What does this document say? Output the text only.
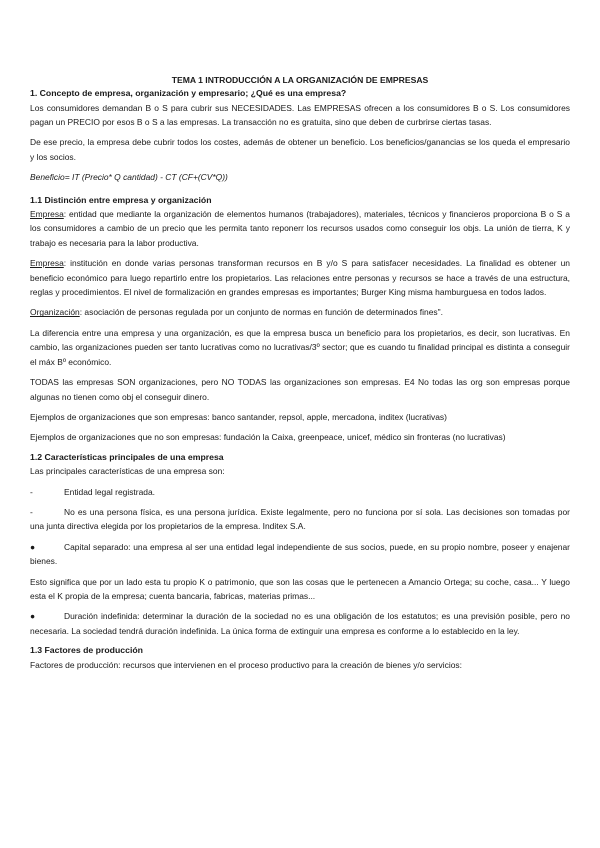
TEMA 1 INTRODUCCIÓN A LA ORGANIZACIÓN DE EMPRESAS

1. Concepto de empresa, organización y empresario; ¿Qué es una empresa?

Los consumidores demandan B o S para cubrir sus NECESIDADES. Las EMPRESAS ofrecen a los consumidores B o S. Los consumidores pagan un PRECIO por esos B o S a las empresas. La transacción no es gratuita, sino que deben de curbrirse ciertas tasas.

De ese precio, la empresa debe cubrir todos los costes, además de obtener un beneficio. Los beneficios/ganancias se los queda el empresario y los socios.

Beneficio= IT (Precio* Q cantidad) - CT (CF+(CV*Q))

1.1 Distinción entre empresa y organización

Empresa: entidad que mediante la organización de elementos humanos (trabajadores), materiales, técnicos y financieros proporciona B o S a los consumidores a cambio de un precio que les permita tanto reponerr los recursos usados como conseguir los objs. La unión de tierra, K y trabajo es necesaria para la labor productiva.

Empresa: institución en donde varias personas transforman recursos en B y/o S para satisfacer necesidades. La finalidad es obtener un beneficio económico para luego repartirlo entre los propietarios. Las relaciones entre personas y recursos se hace a través de una estructura, reglas y procedimientos. El nivel de formalización en grandes empresas es importantes; Burger King misma hamburguesa en todos lados.

Organización: asociación de personas regulada por un conjunto de normas en función de determinados fines".

La diferencia entre una empresa y una organización, es que la empresa busca un beneficio para los propietarios, es decir, son lucrativas. En cambio, las organizaciones pueden ser tanto lucrativas como no lucrativas/3º sector; que es cuando tu finalidad principal es distinta a conseguir el máx Bº económico.

TODAS las empresas SON organizaciones, pero NO TODAS las organizaciones son empresas. E4 No todas las org son empresas porque algunas no tienen como obj el conseguir dinero.

Ejemplos de organizaciones que son empresas: banco santander, repsol, apple, mercadona, inditex (lucrativas)

Ejemplos de organizaciones que no son empresas: fundación la Caixa, greenpeace, unicef, médico sin fronteras (no lucrativas)

1.2 Características principales de una empresa

Las principales características de una empresa son:

-	Entidad legal registrada.

-	No es una persona física, es una persona jurídica. Existe legalmente, pero no funciona por sí sola. Las decisiones son tomadas por una junta directiva elegida por los propietarios de la empresa. Inditex S.A.

●	Capital separado: una empresa al ser una entidad legal independiente de sus socios, puede, en su propio nombre, poseer y enajenar bienes.

Esto significa que por un lado esta tu propio K o patrimonio, que son las cosas que le pertenecen a Amancio Ortega; su coche, casa... Y luego esta el K propia de la empresa; cuenta bancaria, fabricas, materias primas...

●	Duración indefinida: determinar la duración de la sociedad no es una obligación de los estatutos; es una previsión posible, pero no necesaria. La sociedad tendrá duración indefinida. La única forma de extinguir una empresa es conforme a lo establecido en la ley.

1.3 Factores de producción

Factores de producción: recursos que intervienen en el proceso productivo para la creación de bienes y/o servicios:
